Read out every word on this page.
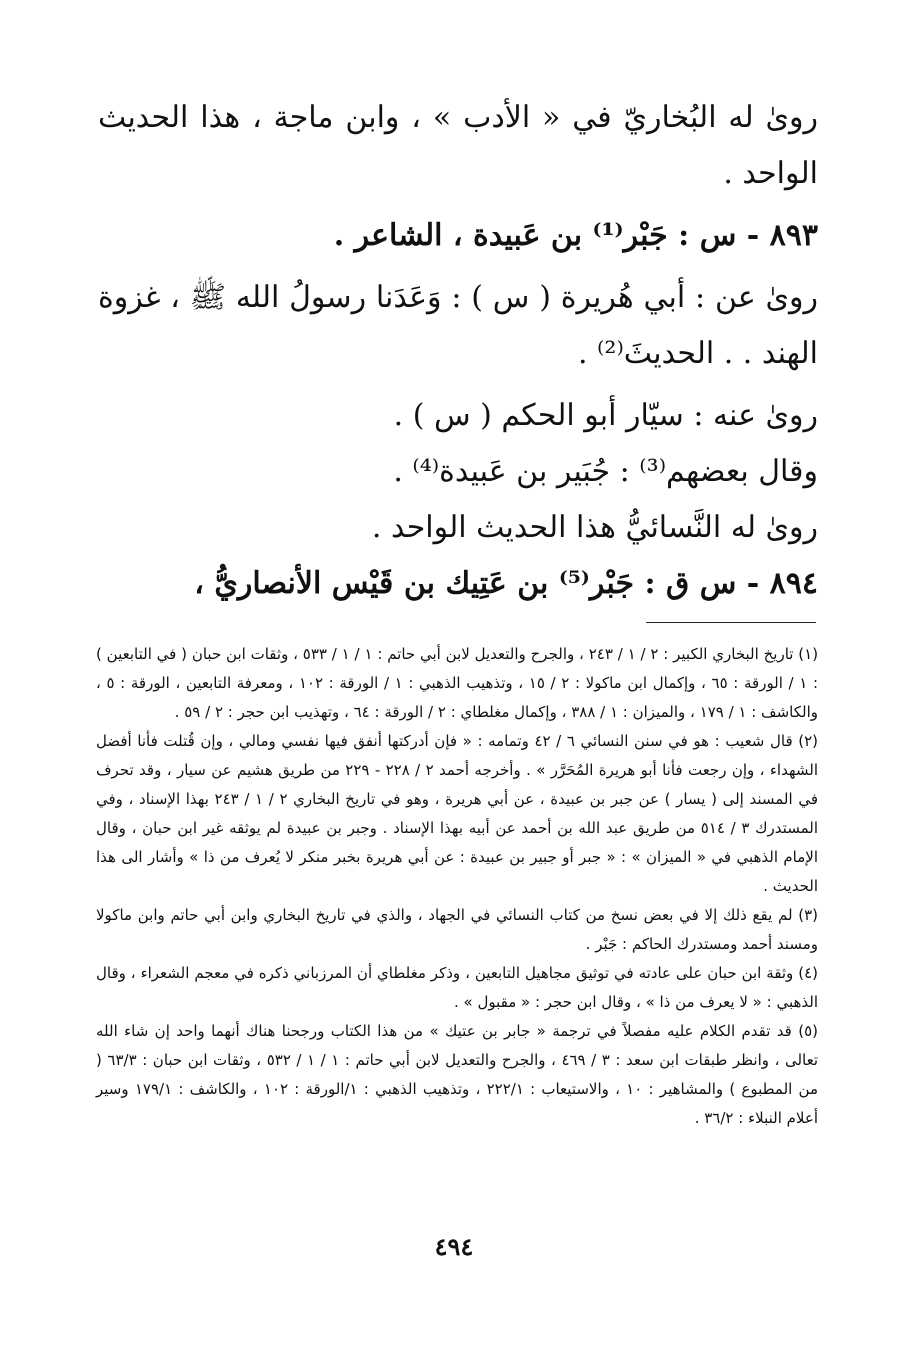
روىٰ له البُخاريّ في « الأدب » ، وابن ماجة ، هذا الحديث الواحد .

٨٩٣ - س : جَبْر⁽¹⁾ بن عَبيدة ، الشاعر .

روىٰ عن : أبي هُريرة ( س ) : وَعَدَنا رسولُ الله ﷺ ، غزوة الهند . . الحديثَ⁽²⁾ .

روىٰ عنه : سيّار أبو الحكم ( س ) .

وقال بعضهم⁽³⁾ : جُبَير بن عَبيدة⁽⁴⁾ .

روىٰ له النَّسائيُّ هذا الحديث الواحد .

٨٩٤ - س ق : جَبْر⁽⁵⁾ بن عَتِيك بن قَيْس الأنصاريُّ ،

(١) تاريخ البخاري الكبير : ٢ / ١ / ٢٤٣ ، والجرح والتعديل لابن أبي حاتم : ١ / ١ / ٥٣٣ ، وثقات ابن حبان ( في التابعين ) : ١ / الورقة : ٦٥ ، وإكمال ابن ماكولا : ٢ / ١٥ ، وتذهيب الذهبي : ١ / الورقة : ١٠٢ ، ومعرفة التابعين ، الورقة : ٥ ، والكاشف : ١ / ١٧٩ ، والميزان : ١ / ٣٨٨ ، وإكمال مغلطاي : ٢ / الورقة : ٦٤ ، وتهذيب ابن حجر : ٢ / ٥٩ .

(٢) قال شعيب : هو في سنن النسائي ٦ / ٤٢ وتمامه : « فإن أدركتها أنفق فيها نفسي ومالي ، وإن قُتلت فأنا أفضل الشهداء ، وإن رجعت فأنا أبو هريرة المُحَرَّر » . وأخرجه أحمد ٢ / ٢٢٨ - ٢٢٩ من طريق هشيم عن سيار ، وقد تحرف في المسند إلى ( يسار ) عن جبر بن عبيدة ، عن أبي هريرة ، وهو في تاريخ البخاري ٢ / ١ / ٢٤٣ بهذا الإسناد ، وفي المستدرك ٣ / ٥١٤ من طريق عبد الله بن أحمد عن أبيه بهذا الإسناد . وجبر بن عبيدة لم يوثقه غير ابن حبان ، وقال الإمام الذهبي في « الميزان » : « جبر أو جبير بن عبيدة : عن أبي هريرة بخبر منكر لا يُعرف من ذا » وأشار الى هذا الحديث .

(٣) لم يقع ذلك إلا في بعض نسخ من كتاب النسائي في الجهاد ، والذي في تاريخ البخاري وابن أبي حاتم وابن ماكولا ومسند أحمد ومستدرك الحاكم : جَبْر .

(٤) وثقة ابن حبان على عادته في توثيق مجاهيل التابعين ، وذكر مغلطاي أن المرزباني ذكره في معجم الشعراء ، وقال الذهبي : « لا يعرف من ذا » ، وقال ابن حجر : « مقبول » .

(٥) قد تقدم الكلام عليه مفصلاً في ترجمة « جابر بن عتيك » من هذا الكتاب ورجحنا هناك أنهما واحد إن شاء الله تعالى ، وانظر طبقات ابن سعد : ٣ / ٤٦٩ ، والجرح والتعديل لابن أبي حاتم : ١ / ١ / ٥٣٢ ، وثقات ابن حبان : ٦٣/٣ ( من المطبوع ) والمشاهير : ١٠ ، والاستيعاب : ٢٢٢/١ ، وتذهيب الذهبي : ١/الورقة : ١٠٢ ، والكاشف : ١٧٩/١ وسير أعلام النبلاء : ٣٦/٢ .

٤٩٤
